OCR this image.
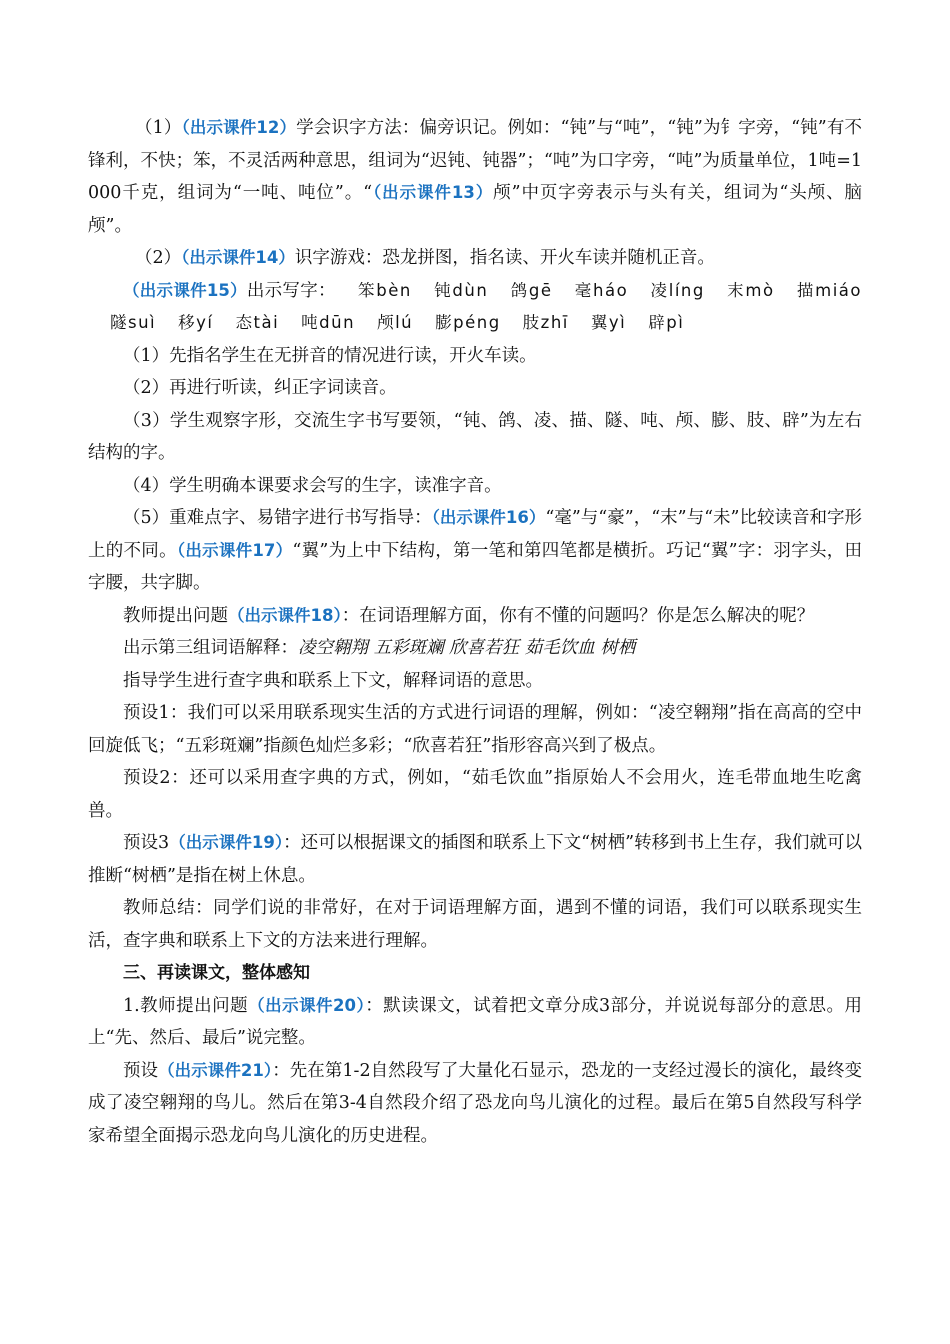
（1）（出示课件12）学会识字方法：偏旁识记。例如：“钝”与“吨”，“钝”为钅字旁，“钝”有不锋利，不快；笨，不灵活两种意思，组词为“迟钝、钝器”；“吨”为口字旁，“吨”为质量单位，1吨=1000千克，组词为“一吨、吨位”。“（出示课件13）颅”中页字旁表示与头有关，组词为“头颅、脑颅”。

（2）（出示课件14）识字游戏：恐龙拼图，指名读、开火车读并随机正音。

（出示课件15）出示写字： 笨bèn 钝dùn 鸽gē 毫háo 凌líng 末mò 描miáo隧suì 移yí 态tài 吨dūn 颅lú 膨péng 肢zhī 翼yì 辟pì

（1）先指名学生在无拼音的情况进行读，开火车读。

（2）再进行听读，纠正字词读音。

（3）学生观察字形，交流生字书写要领，“钝、鸽、凌、描、隧、吨、颅、膨、肢、辟”为左右结构的字。

（4）学生明确本课要求会写的生字，读准字音。

（5）重难点字、易错字进行书写指导：（出示课件16）“毫”与“豪”，“末”与“未”比较读音和字形上的不同。（出示课件17）“翼”为上中下结构，第一笔和第四笔都是横折。巧记“翼”字：羽字头，田字腰，共字脚。

教师提出问题（出示课件18）：在词语理解方面，你有不懂的问题吗？你是怎么解决的呢？

出示第三组词语解释：凌空翱翔 五彩斑斓 欣喜若狂 茹毛饮血 树栖

指导学生进行查字典和联系上下文，解释词语的意思。

预设1：我们可以采用联系现实生活的方式进行词语的理解，例如：“凌空翱翔”指在高高的空中回旋低飞；“五彩斑斓”指颜色灿烂多彩；“欣喜若狂”指形容高兴到了极点。

预设2：还可以采用查字典的方式，例如，“茹毛饮血”指原始人不会用火，连毛带血地生吃禽兽。

预设3（出示课件19）：还可以根据课文的插图和联系上下文“树栖”转移到书上生存，我们就可以推断“树栖”是指在树上休息。

教师总结：同学们说的非常好，在对于词语理解方面，遇到不懂的词语，我们可以联系现实生活，查字典和联系上下文的方法来进行理解。

三、再读课文，整体感知

1.教师提出问题（出示课件20）：默读课文，试着把文章分成3部分，并说说每部分的意思。用上“先、然后、最后”说完整。

预设（出示课件21）：先在第1-2自然段写了大量化石显示，恐龙的一支经过漫长的演化，最终变成了凌空翱翔的鸟儿。然后在第3-4自然段介绍了恐龙向鸟儿演化的过程。最后在第5自然段写科学家希望全面揭示恐龙向鸟儿演化的历史进程。
